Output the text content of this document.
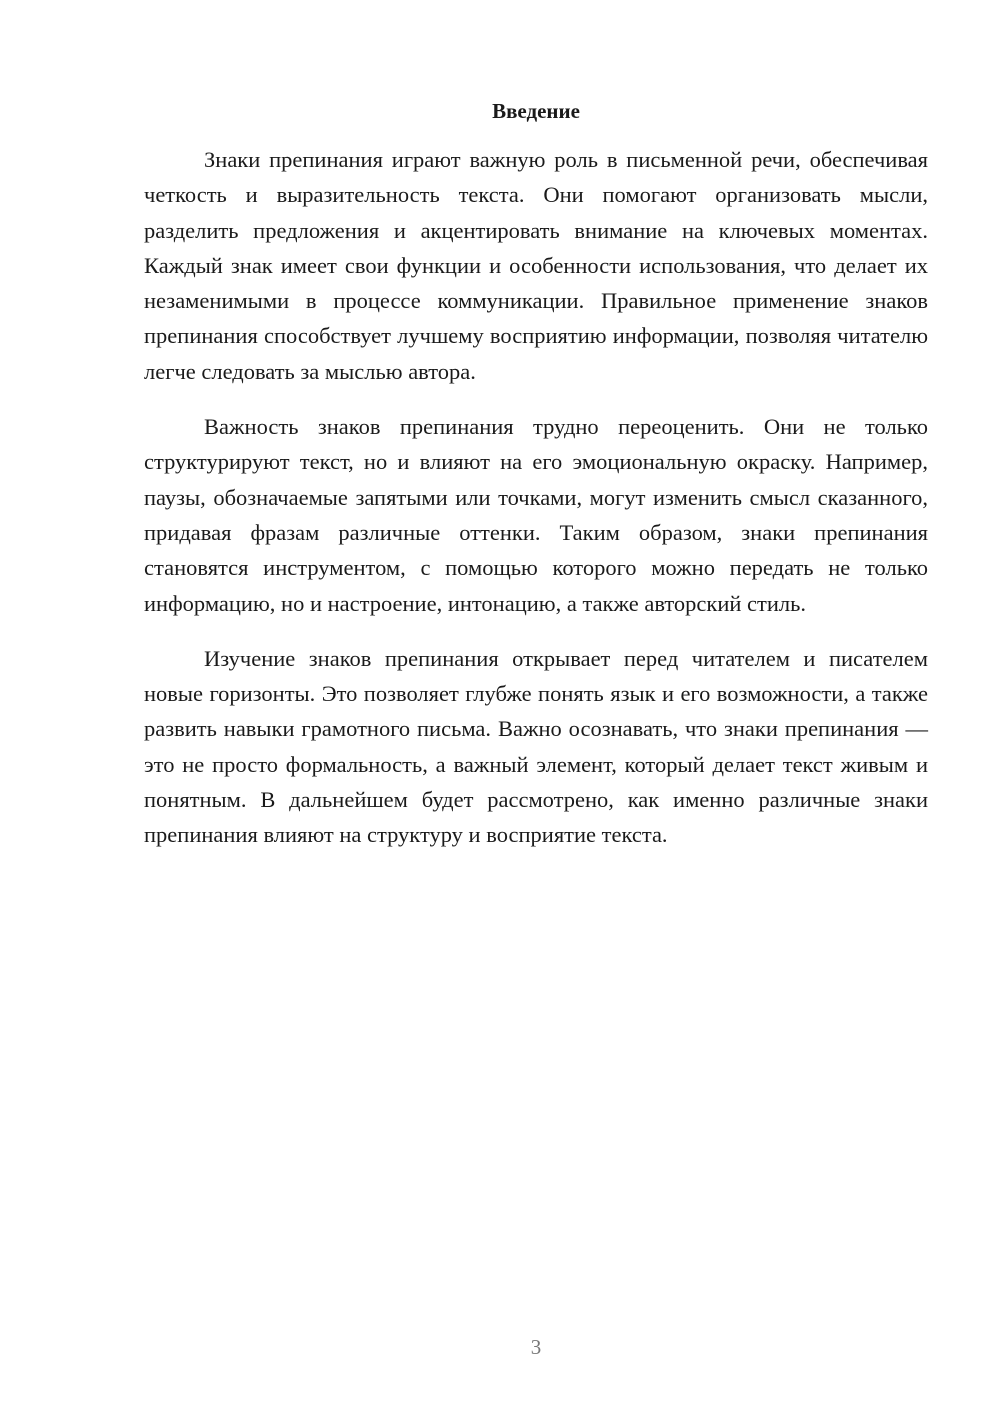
Введение

Знаки препинания играют важную роль в письменной речи, обеспечивая четкость и выразительность текста. Они помогают организовать мысли, разделить предложения и акцентировать внимание на ключевых моментах. Каждый знак имеет свои функции и особенности использования, что делает их незаменимыми в процессе коммуникации. Правильное применение знаков препинания способствует лучшему восприятию информации, позволяя читателю легче следовать за мыслью автора.

Важность знаков препинания трудно переоценить. Они не только структурируют текст, но и влияют на его эмоциональную окраску. Например, паузы, обозначаемые запятыми или точками, могут изменить смысл сказанного, придавая фразам различные оттенки. Таким образом, знаки препинания становятся инструментом, с помощью которого можно передать не только информацию, но и настроение, интонацию, а также авторский стиль.

Изучение знаков препинания открывает перед читателем и писателем новые горизонты. Это позволяет глубже понять язык и его возможности, а также развить навыки грамотного письма. Важно осознавать, что знаки препинания — это не просто формальность, а важный элемент, который делает текст живым и понятным. В дальнейшем будет рассмотрено, как именно различные знаки препинания влияют на структуру и восприятие текста.

3
